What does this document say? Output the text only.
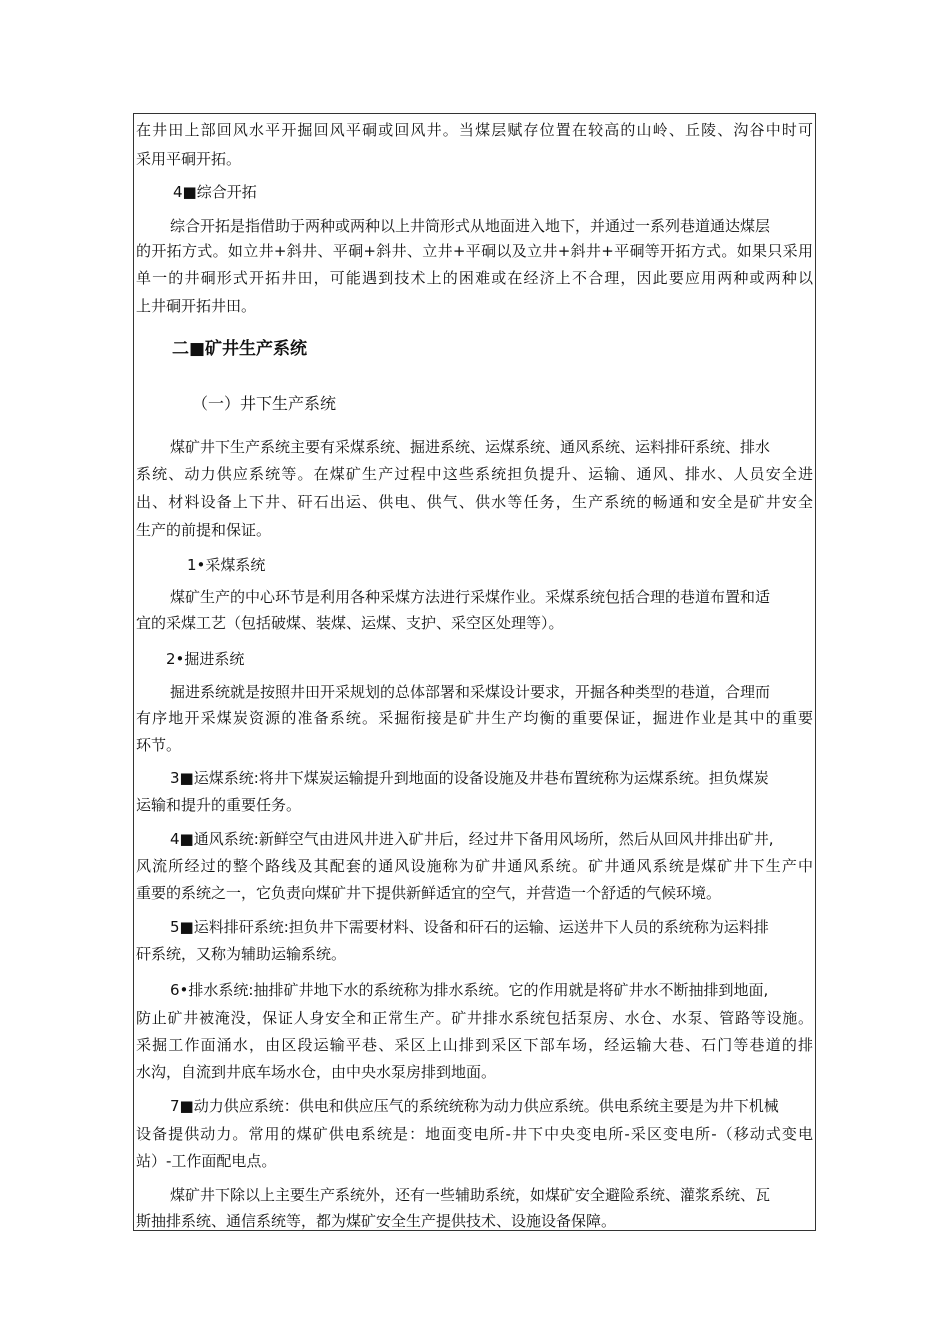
在井田上部回风水平开掘回风平硐或回风井。当煤层赋存位置在较高的山岭、丘陵、沟谷中时可
采用平硐开拓。
4■综合开拓
综合开拓是指借助于两种或两种以上井筒形式从地面进入地下，并通过一系列巷道通达煤层
的开拓方式。如立井+斜井、平硐+斜井、立井+平硐以及立井+斜井+平硐等开拓方式。如果只采用
单一的井硐形式开拓井田，可能遇到技术上的困难或在经济上不合理，因此要应用两种或两种以
上井硐开拓井田。
二■矿井生产系统
（一）井下生产系统
煤矿井下生产系统主要有采煤系统、掘进系统、运煤系统、通风系统、运料排矸系统、排水
系统、动力供应系统等。在煤矿生产过程中这些系统担负提升、运输、通风、排水、人员安全进
出、材料设备上下井、矸石出运、供电、供气、供水等任务，生产系统的畅通和安全是矿井安全
生产的前提和保证。
1•采煤系统
煤矿生产的中心环节是利用各种采煤方法进行采煤作业。采煤系统包括合理的巷道布置和适
宜的采煤工艺（包括破煤、装煤、运煤、支护、采空区处理等）。
2•掘进系统
掘进系统就是按照井田开采规划的总体部署和采煤设计要求，开掘各种类型的巷道，合理而
有序地开采煤炭资源的准备系统。采掘衔接是矿井生产均衡的重要保证，掘进作业是其中的重要
环节。
3■运煤系统:将井下煤炭运输提升到地面的设备设施及井巷布置统称为运煤系统。担负煤炭
运输和提升的重要任务。
4■通风系统:新鲜空气由进风井进入矿井后，经过井下备用风场所，然后从回风井排出矿井,
风流所经过的整个路线及其配套的通风设施称为矿井通风系统。矿井通风系统是煤矿井下生产中
重要的系统之一，它负责向煤矿井下提供新鲜适宜的空气，并营造一个舒适的气候环境。
5■运料排矸系统:担负井下需要材料、设备和矸石的运输、运送井下人员的系统称为运料排
矸系统，又称为辅助运输系统。
6•排水系统:抽排矿井地下水的系统称为排水系统。它的作用就是将矿井水不断抽排到地面,
防止矿井被淹没，保证人身安全和正常生产。矿井排水系统包括泵房、水仓、水泵、管路等设施。
采掘工作面涌水，由区段运输平巷、采区上山排到采区下部车场，经运输大巷、石门等巷道的排
水沟，自流到井底车场水仓，由中央水泵房排到地面。
7■动力供应系统：供电和供应压气的系统统称为动力供应系统。供电系统主要是为井下机械
设备提供动力。常用的煤矿供电系统是：地面变电所-井下中央变电所-采区变电所-（移动式变电
站）-工作面配电点。
煤矿井下除以上主要生产系统外，还有一些辅助系统，如煤矿安全避险系统、灌浆系统、瓦
斯抽排系统、通信系统等，都为煤矿安全生产提供技术、设施设备保障。
